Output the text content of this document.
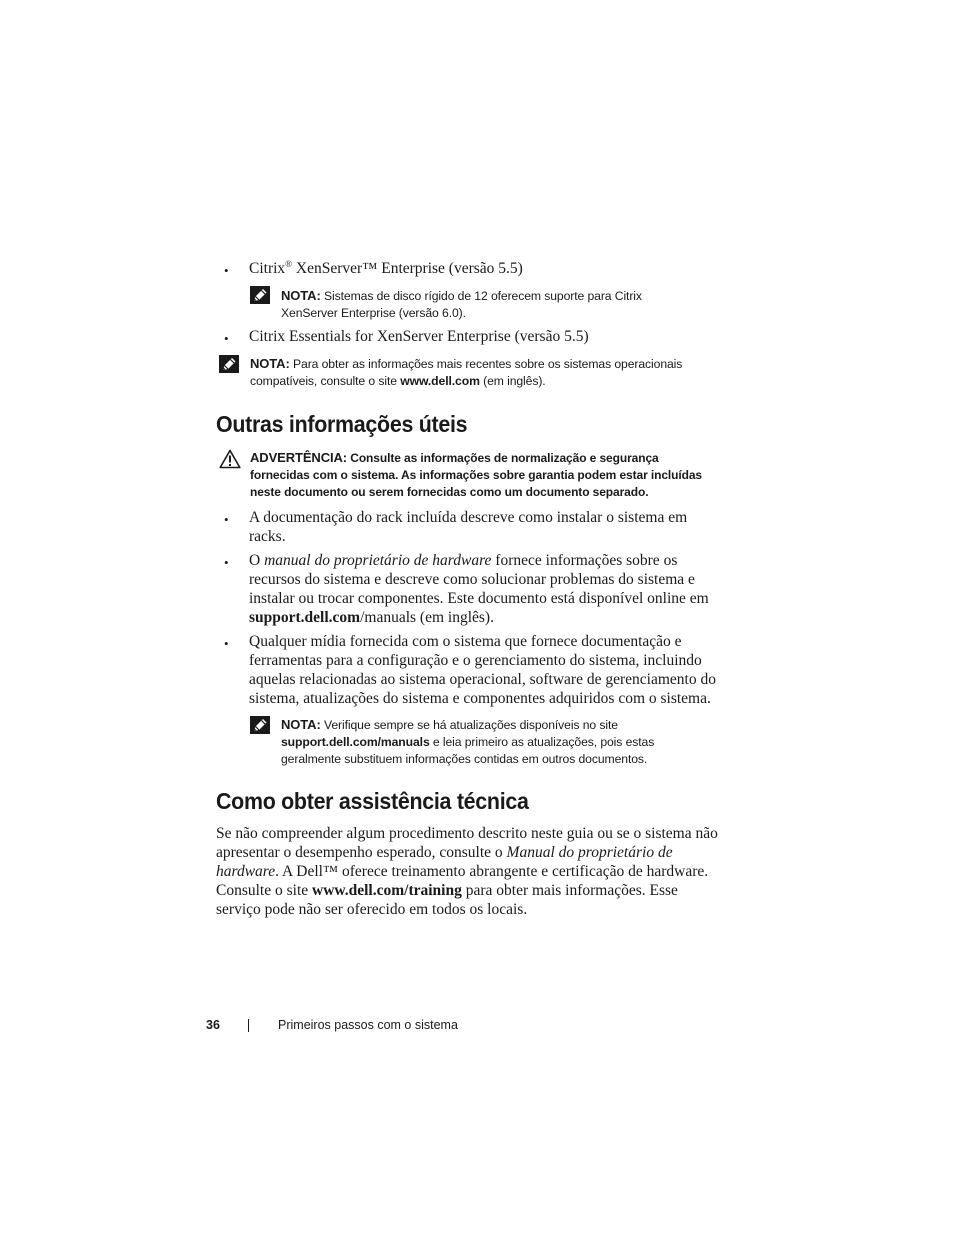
• Citrix® XenServer™ Enterprise (versão 5.5)
NOTA: Sistemas de disco rígido de 12 oferecem suporte para Citrix XenServer Enterprise (versão 6.0).
• Citrix Essentials for XenServer Enterprise (versão 5.5)
NOTA: Para obter as informações mais recentes sobre os sistemas operacionais compatíveis, consulte o site www.dell.com (em inglês).
Outras informações úteis
ADVERTÊNCIA: Consulte as informações de normalização e segurança fornecidas com o sistema. As informações sobre garantia podem estar incluídas neste documento ou serem fornecidas como um documento separado.
• A documentação do rack incluída descreve como instalar o sistema em racks.
• O manual do proprietário de hardware fornece informações sobre os recursos do sistema e descreve como solucionar problemas do sistema e instalar ou trocar componentes. Este documento está disponível online em support.dell.com/manuals (em inglês).
• Qualquer mídia fornecida com o sistema que fornece documentação e ferramentas para a configuração e o gerenciamento do sistema, incluindo aquelas relacionadas ao sistema operacional, software de gerenciamento do sistema, atualizações do sistema e componentes adquiridos com o sistema.
NOTA: Verifique sempre se há atualizações disponíveis no site support.dell.com/manuals e leia primeiro as atualizações, pois estas geralmente substituem informações contidas em outros documentos.
Como obter assistência técnica
Se não compreender algum procedimento descrito neste guia ou se o sistema não apresentar o desempenho esperado, consulte o Manual do proprietário de hardware. A Dell™ oferece treinamento abrangente e certificação de hardware. Consulte o site www.dell.com/training para obter mais informações. Esse serviço pode não ser oferecido em todos os locais.
36	Primeiros passos com o sistema
